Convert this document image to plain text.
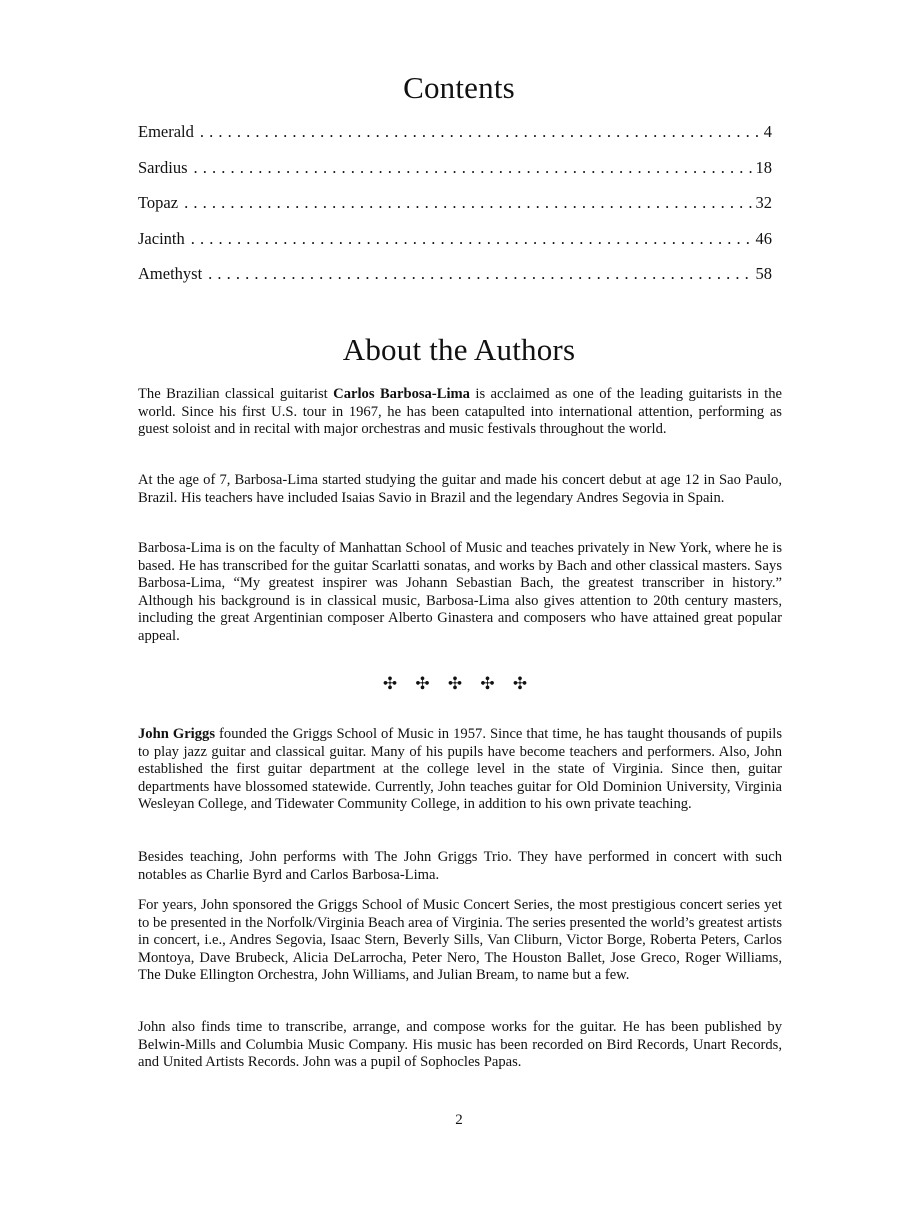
Contents
Emerald . . .	4
Sardius . . .	18
Topaz . . .	32
Jacinth . . .	46
Amethyst . . .	58
About the Authors

The Brazilian classical guitarist Carlos Barbosa-Lima is acclaimed as one of the leading guitarists in the world. Since his first U.S. tour in 1967, he has been catapulted into international attention, performing as guest soloist and in recital with major orchestras and music festivals throughout the world.

At the age of 7, Barbosa-Lima started studying the guitar and made his concert debut at age 12 in Sao Paulo, Brazil. His teachers have included Isaias Savio in Brazil and the legendary Andres Segovia in Spain.

Barbosa-Lima is on the faculty of Manhattan School of Music and teaches privately in New York, where he is based. He has transcribed for the guitar Scarlatti sonatas, and works by Bach and other classical masters. Says Barbosa-Lima, “My greatest inspirer was Johann Sebastian Bach, the greatest transcriber in history.” Although his background is in classical music, Barbosa-Lima also gives attention to 20th century masters, including the great Argentinian composer Alberto Ginastera and composers who have attained great popular appeal.

✣ ✣ ✣ ✣ ✣

John Griggs founded the Griggs School of Music in 1957. Since that time, he has taught thousands of pupils to play jazz guitar and classical guitar. Many of his pupils have become teachers and performers. Also, John established the first guitar department at the college level in the state of Virginia. Since then, guitar departments have blossomed statewide. Currently, John teaches guitar for Old Dominion University, Virginia Wesleyan College, and Tidewater Community College, in addition to his own private teaching.

Besides teaching, John performs with The John Griggs Trio. They have performed in concert with such notables as Charlie Byrd and Carlos Barbosa-Lima.

For years, John sponsored the Griggs School of Music Concert Series, the most prestigious concert series yet to be presented in the Norfolk/Virginia Beach area of Virginia. The series presented the world’s greatest artists in concert, i.e., Andres Segovia, Isaac Stern, Beverly Sills, Van Cliburn, Victor Borge, Roberta Peters, Carlos Montoya, Dave Brubeck, Alicia DeLarrocha, Peter Nero, The Houston Ballet, Jose Greco, Roger Williams, The Duke Ellington Orchestra, John Williams, and Julian Bream, to name but a few.

John also finds time to transcribe, arrange, and compose works for the guitar. He has been published by Belwin-Mills and Columbia Music Company. His music has been recorded on Bird Records, Unart Records, and United Artists Records. John was a pupil of Sophocles Papas.

2
